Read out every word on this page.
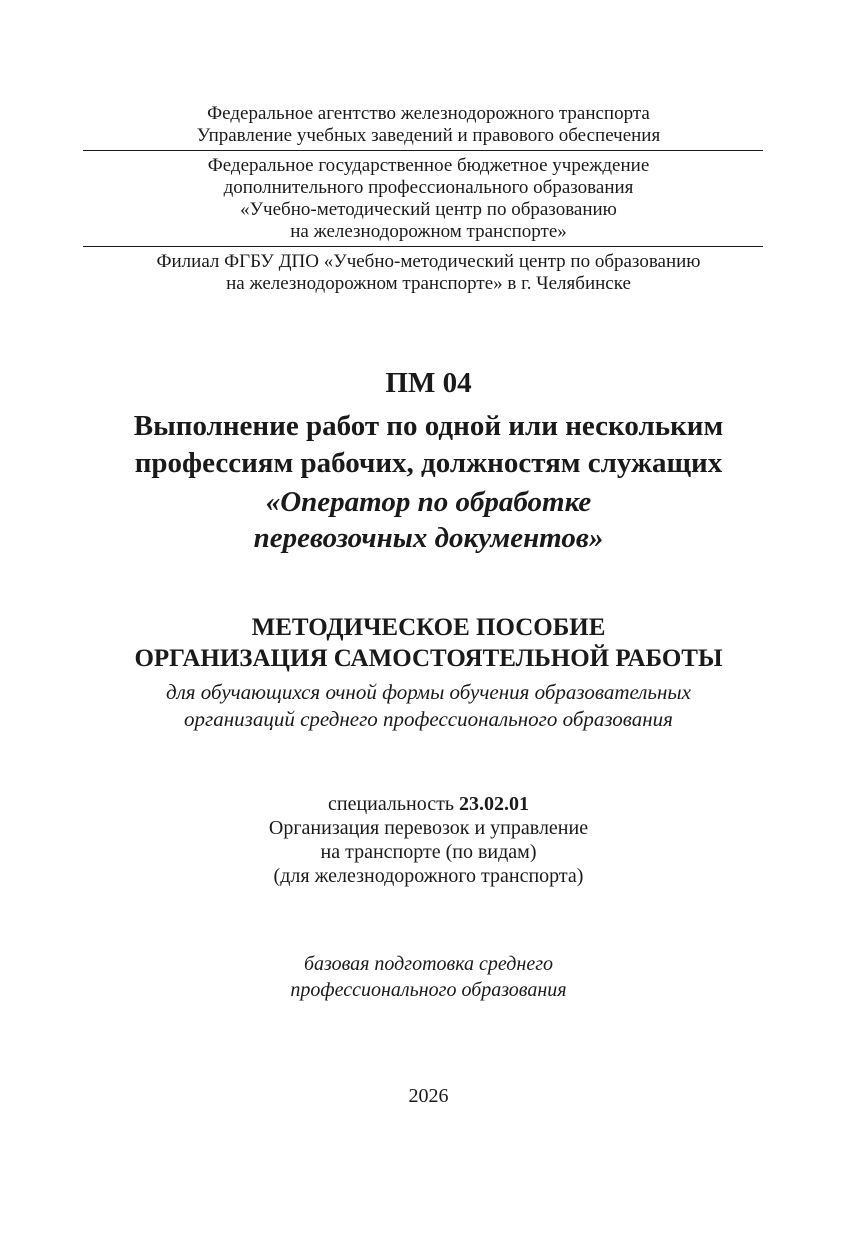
Федеральное агентство железнодорожного транспорта
Управление учебных заведений и правового обеспечения
Федеральное государственное бюджетное учреждение
дополнительного профессионального образования
«Учебно-методический центр по образованию
на железнодорожном транспорте»
Филиал ФГБУ ДПО «Учебно-методический центр по образованию
на железнодорожном транспорте» в г. Челябинске
ПМ 04
Выполнение работ по одной или нескольким
профессиям рабочих, должностям служащих
«Оператор по обработке
перевозочных документов»
МЕТОДИЧЕСКОЕ ПОСОБИЕ
ОРГАНИЗАЦИЯ САМОСТОЯТЕЛЬНОЙ РАБОТЫ
для обучающихся очной формы обучения образовательных
организаций среднего профессионального образования
специальность 23.02.01
Организация перевозок и управление
на транспорте (по видам)
(для железнодорожного транспорта)
базовая подготовка среднего
профессионального образования
2026
